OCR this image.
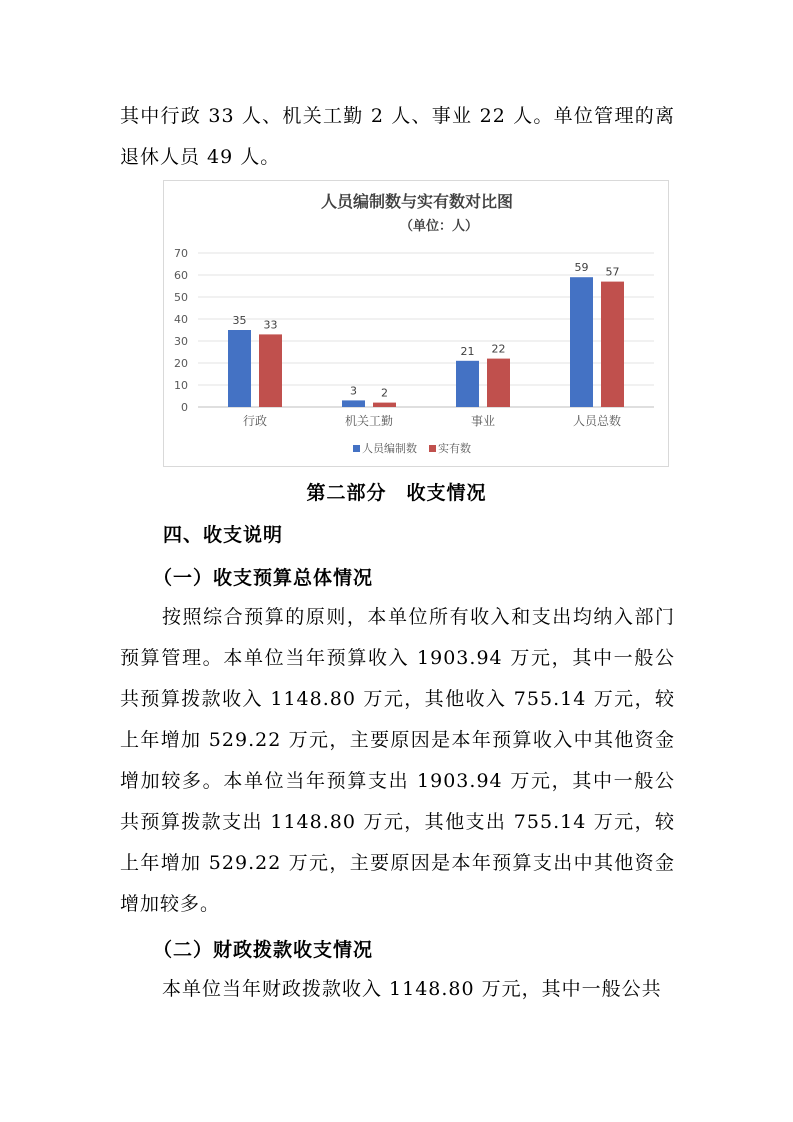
其中行政 33 人、机关工勤 2 人、事业 22 人。单位管理的离退休人员 49 人。

人员编制数与实有数对比图
（单位：人）
0
10
20
30
40
50
60
70
35 33
3 2
21 22
59 57
行政	机关工勤	事业	人员总数
人员编制数 实有数

第二部分　收支情况

四、收支说明

（一）收支预算总体情况

按照综合预算的原则，本单位所有收入和支出均纳入部门预算管理。本单位当年预算收入 1903.94 万元，其中一般公共预算拨款收入 1148.80 万元，其他收入 755.14 万元，较上年增加 529.22 万元，主要原因是本年预算收入中其他资金增加较多。本单位当年预算支出 1903.94 万元，其中一般公共预算拨款支出 1148.80 万元，其他支出 755.14 万元，较上年增加 529.22 万元，主要原因是本年预算支出中其他资金增加较多。

（二）财政拨款收支情况

本单位当年财政拨款收入 1148.80 万元，其中一般公共
